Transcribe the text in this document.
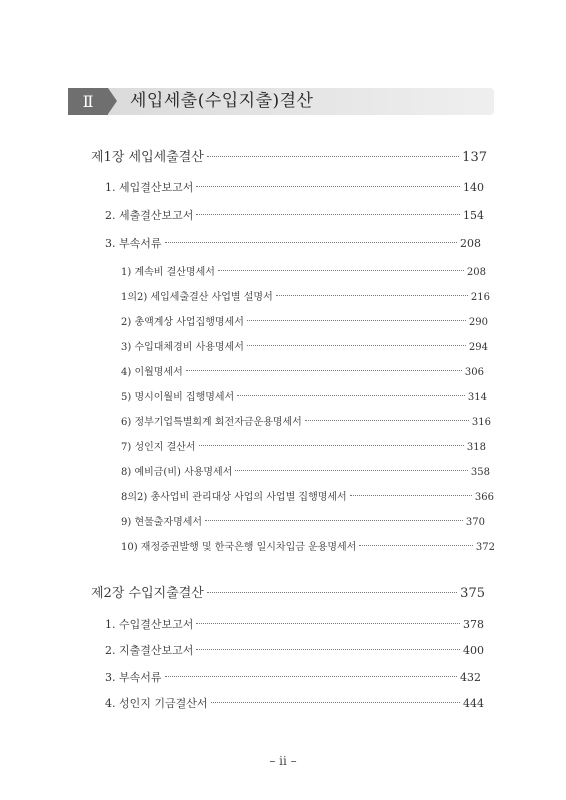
Ⅱ	세입세출(수입지출)결산
제1장 세입세출결산	137
1. 세입결산보고서	140
2. 세출결산보고서	154
3. 부속서류	208
1) 계속비 결산명세서	208
1의2) 세입세출결산 사업별 설명서	216
2) 총액계상 사업집행명세서	290
3) 수입대체경비 사용명세서	294
4) 이월명세서	306
5) 명시이월비 집행명세서	314
6) 정부기업특별회계 회전자금운용명세서	316
7) 성인지 결산서	318
8) 예비금(비) 사용명세서	358
8의2) 총사업비 관리대상 사업의 사업별 집행명세서	366
9) 현물출자명세서	370
10) 재정증권발행 및 한국은행 일시차입금 운용명세서	372
제2장 수입지출결산	375
1. 수입결산보고서	378
2. 지출결산보고서	400
3. 부속서류	432
4. 성인지 기금결산서	444
– ii –
